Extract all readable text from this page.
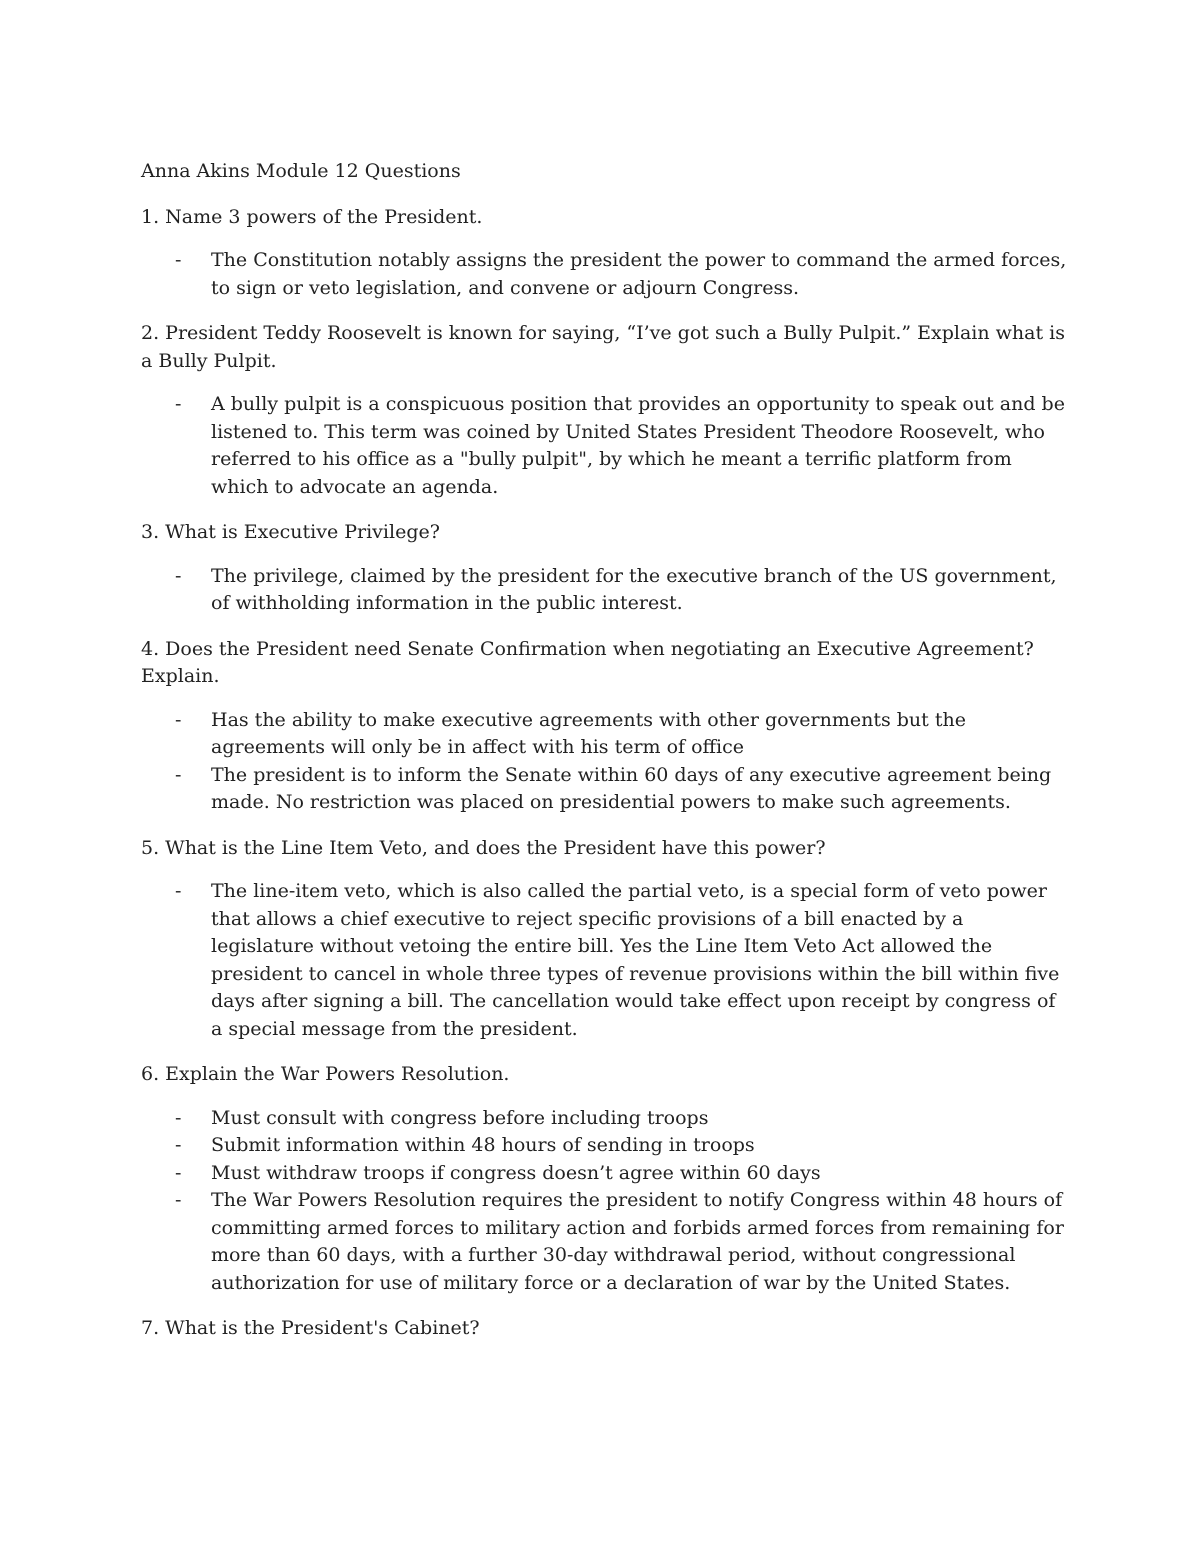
Anna Akins Module 12 Questions

1. Name 3 powers of the President.

- The Constitution notably assigns the president the power to command the armed forces, to sign or veto legislation, and convene or adjourn Congress.

2. President Teddy Roosevelt is known for saying, “I’ve got such a Bully Pulpit.” Explain what is a Bully Pulpit.

- A bully pulpit is a conspicuous position that provides an opportunity to speak out and be listened to. This term was coined by United States President Theodore Roosevelt, who referred to his office as a "bully pulpit", by which he meant a terrific platform from which to advocate an agenda.

3. What is Executive Privilege?

- The privilege, claimed by the president for the executive branch of the US government, of withholding information in the public interest.

4. Does the President need Senate Confirmation when negotiating an Executive Agreement? Explain.

- Has the ability to make executive agreements with other governments but the agreements will only be in affect with his term of office
- The president is to inform the Senate within 60 days of any executive agreement being made. No restriction was placed on presidential powers to make such agreements.

5. What is the Line Item Veto, and does the President have this power?

- The line-item veto, which is also called the partial veto, is a special form of veto power that allows a chief executive to reject specific provisions of a bill enacted by a legislature without vetoing the entire bill. Yes the Line Item Veto Act allowed the president to cancel in whole three types of revenue provisions within the bill within five days after signing a bill. The cancellation would take effect upon receipt by congress of a special message from the president.

6. Explain the War Powers Resolution.

- Must consult with congress before including troops
- Submit information within 48 hours of sending in troops
- Must withdraw troops if congress doesn’t agree within 60 days
- The War Powers Resolution requires the president to notify Congress within 48 hours of committing armed forces to military action and forbids armed forces from remaining for more than 60 days, with a further 30-day withdrawal period, without congressional authorization for use of military force or a declaration of war by the United States.

7. What is the President's Cabinet?
